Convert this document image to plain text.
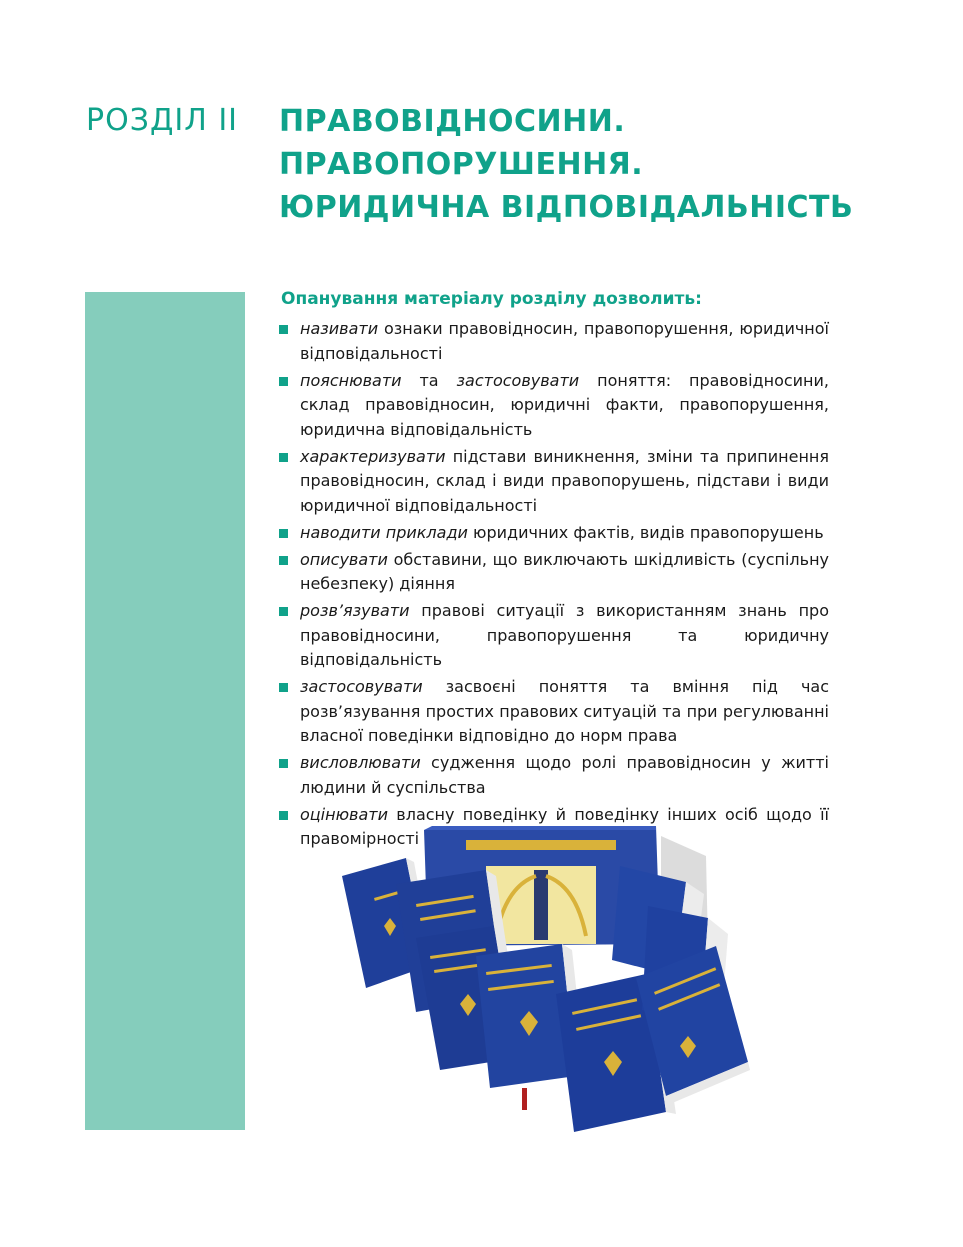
РОЗДІЛ II ПРАВОВІДНОСИНИ.
ПРАВОПОРУШЕННЯ.
ЮРИДИЧНА ВІДПОВІДАЛЬНІСТЬ
Опанування матеріалу розділу дозволить:
називати ознаки правовідносин, правопорушення, юридичної відповідальності
пояснювати та застосовувати поняття: правовідносини, склад правовідносин, юридичні факти, правопорушення, юридична відповідальність
характеризувати підстави виникнення, зміни та припинення правовідносин, склад і види правопорушень, підстави і види юридичної відповідальності
наводити приклади юридичних фактів, видів правопорушень
описувати обставини, що виключають шкідливість (суспільну небезпеку) діяння
розв’язувати правові ситуації з використанням знань про правовідносини, правопорушення та юридичну відповідальність
застосовувати засвоєні поняття та вміння під час розв’язування простих правових ситуацій та при регулюванні власної поведінки відповідно до норм права
висловлювати судження щодо ролі правовідносин у житті людини й суспільства
оцінювати власну поведінку й поведінку інших осіб щодо її правомірності
